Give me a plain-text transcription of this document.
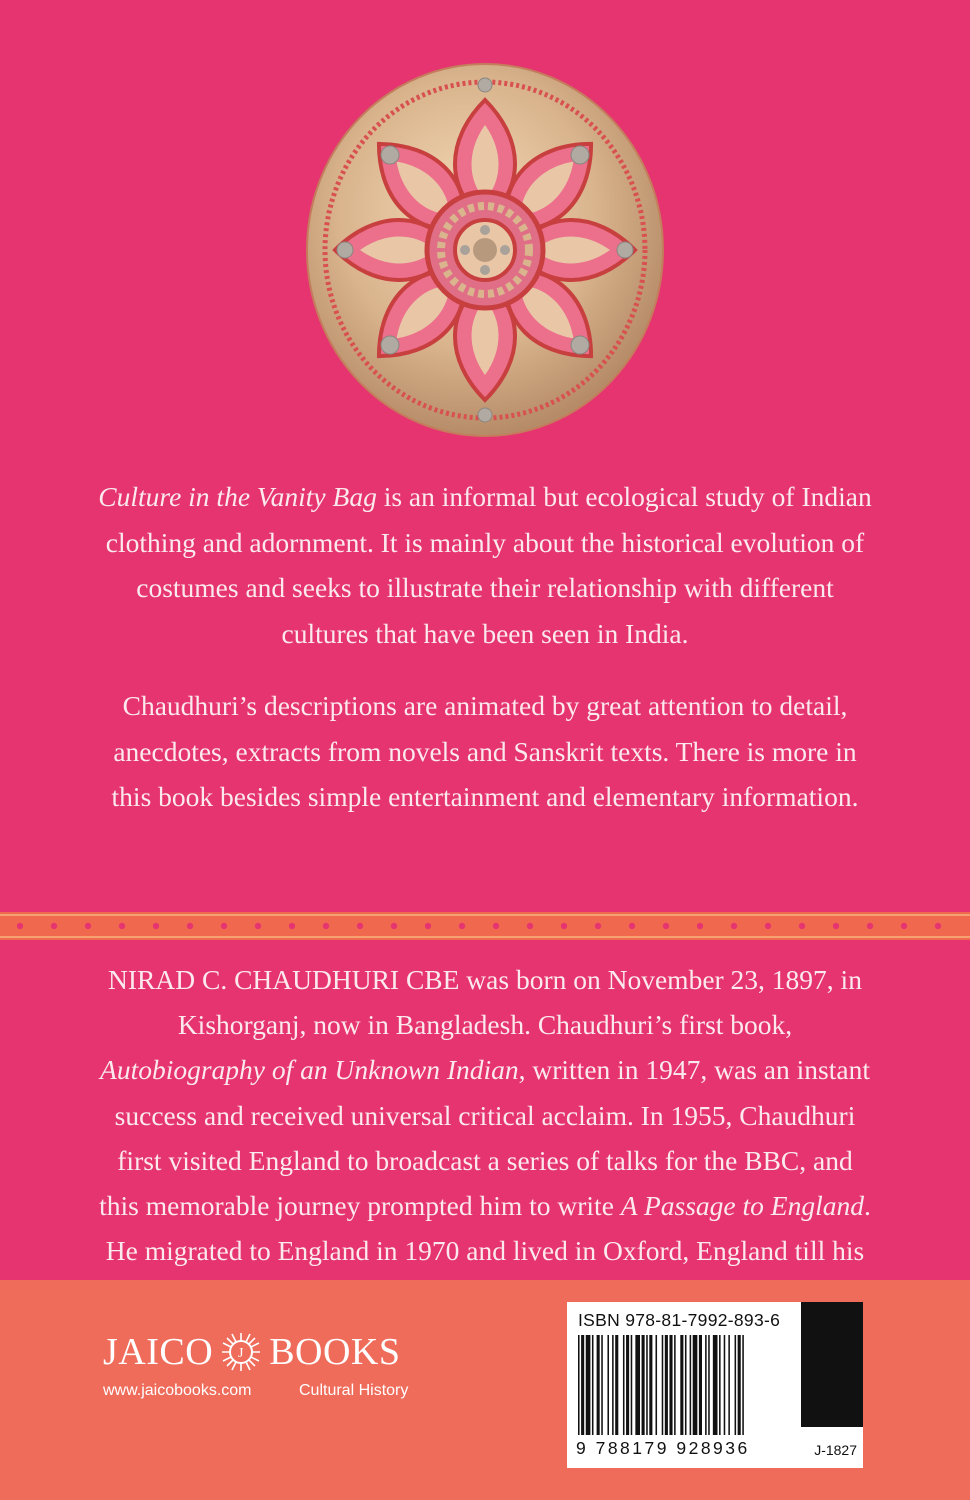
Culture in the Vanity Bag is an informal but ecological study of Indian clothing and adornment. It is mainly about the historical evolution of costumes and seeks to illustrate their relationship with different cultures that have been seen in India.

Chaudhuri’s descriptions are animated by great attention to detail, anecdotes, extracts from novels and Sanskrit texts. There is more in this book besides simple entertainment and elementary information.

NIRAD C. CHAUDHURI CBE was born on November 23, 1897, in Kishorganj, now in Bangladesh. Chaudhuri’s first book, Autobiography of an Unknown Indian, written in 1947, was an instant success and received universal critical acclaim. In 1955, Chaudhuri first visited England to broadcast a series of talks for the BBC, and this memorable journey prompted him to write A Passage to England. He migrated to England in 1970 and lived in Oxford, England till his

JAICO J BOOKS
www.jaicobooks.com	Cultural History
ISBN 978-81-7992-893-6
9 788179 928936	J-1827
